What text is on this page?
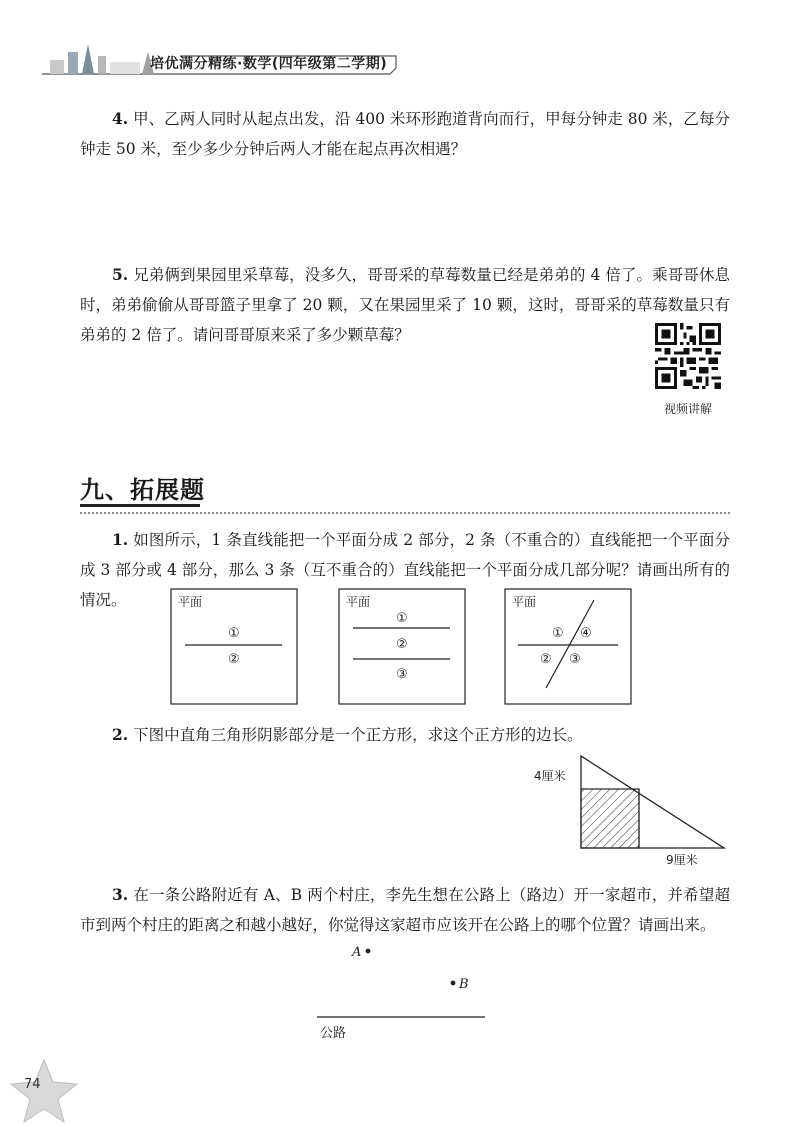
培优满分精练·数学(四年级第二学期)
4. 甲、乙两人同时从起点出发，沿 400 米环形跑道背向而行，甲每分钟走 80 米，乙每分钟走 50 米，至少多少分钟后两人才能在起点再次相遇？
5. 兄弟俩到果园里采草莓，没多久，哥哥采的草莓数量已经是弟弟的 4 倍了。乘哥哥休息时，弟弟偷偷从哥哥篮子里拿了 20 颗，又在果园里采了 10 颗，这时，哥哥采的草莓数量只有弟弟的 2 倍了。请问哥哥原来采了多少颗草莓？
视频讲解
九、拓展题
1. 如图所示，1 条直线能把一个平面分成 2 部分，2 条（不重合的）直线能把一个平面分成 3 部分或 4 部分，那么 3 条（互不重合的）直线能把一个平面分成几部分呢？请画出所有的情况。	平面
①
②
平面
①
②
③
平面
① ④
② ③
2. 下图中直角三角形阴影部分是一个正方形，求这个正方形的边长。
4厘米
9厘米
3. 在一条公路附近有 A、B 两个村庄，李先生想在公路上（路边）开一家超市，并希望超市到两个村庄的距离之和越小越好，你觉得这家超市应该开在公路上的哪个位置？请画出来。
A
B
公路
74
